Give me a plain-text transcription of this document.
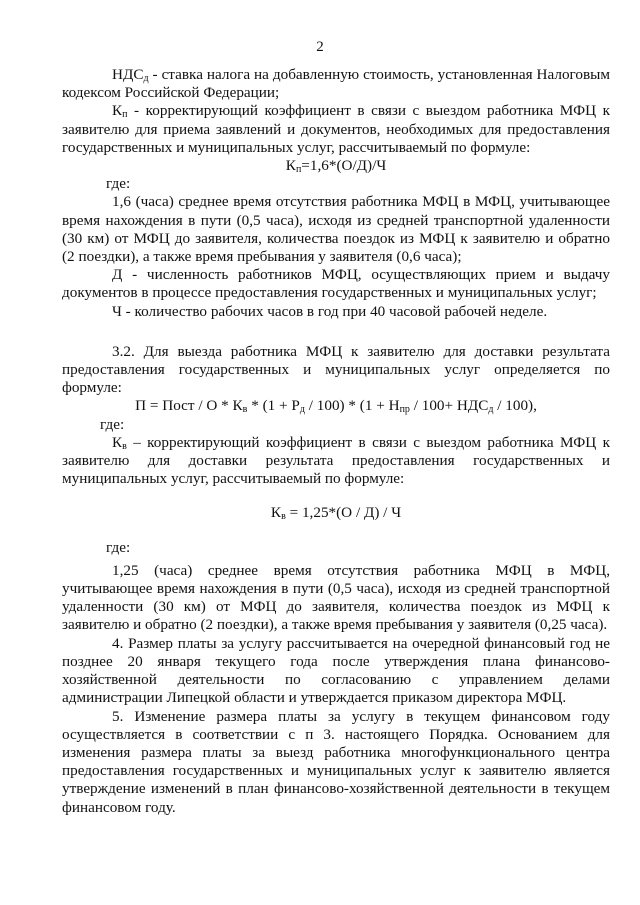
2

$НДС_д$ - ставка налога на добавленную стоимость, установленная Налоговым кодексом Российской Федерации;

$К_п$ - корректирующий коэффициент в связи с выездом работника МФЦ к заявителю для приема заявлений и документов, необходимых для предоставления государственных и муниципальных услуг, рассчитываемый по формуле:

$К_п=1,6*(О/Д)/Ч$

где:

1,6 (часа) среднее время отсутствия работника МФЦ в МФЦ, учитывающее время нахождения в пути (0,5 часа), исходя из средней транспортной удаленности (30 км) от МФЦ до заявителя, количества поездок из МФЦ к заявителю и обратно (2 поездки), а также время пребывания у заявителя (0,6 часа);

Д - численность работников МФЦ, осуществляющих прием и выдачу документов в процессе предоставления государственных и муниципальных услуг;

Ч - количество рабочих часов в год при 40 часовой рабочей неделе.

3.2. Для выезда работника МФЦ к заявителю для доставки результата предоставления государственных и муниципальных услуг определяется по формуле:

П = Пост / $О * К_в * (1 + Р_д / 100) * (1 + Н_{пр} / 100+ НДС_д / 100)$,

где:

$К_в$ – корректирующий коэффициент в связи с выездом работника МФЦ к заявителю для доставки результата предоставления государственных и муниципальных услуг, рассчитываемый по формуле:

$К_в = 1,25*(О / Д) / Ч$

где:

1,25 (часа) среднее время отсутствия работника МФЦ в МФЦ, учитывающее время нахождения в пути (0,5 часа), исходя из средней транспортной удаленности (30 км) от МФЦ до заявителя, количества поездок из МФЦ к заявителю и обратно (2 поездки), а также время пребывания у заявителя (0,25 часа).

4. Размер платы за услугу рассчитывается на очередной финансовый год не позднее 20 января текущего года после утверждения плана финансово-хозяйственной деятельности по согласованию с управлением делами администрации Липецкой области и утверждается приказом директора МФЦ.

5. Изменение размера платы за услугу в текущем финансовом году осуществляется в соответствии с п 3. настоящего Порядка. Основанием для изменения размера платы за выезд работника многофункционального центра предоставления государственных и муниципальных услуг к заявителю является утверждение изменений в план финансово-хозяйственной деятельности в текущем финансовом году.
